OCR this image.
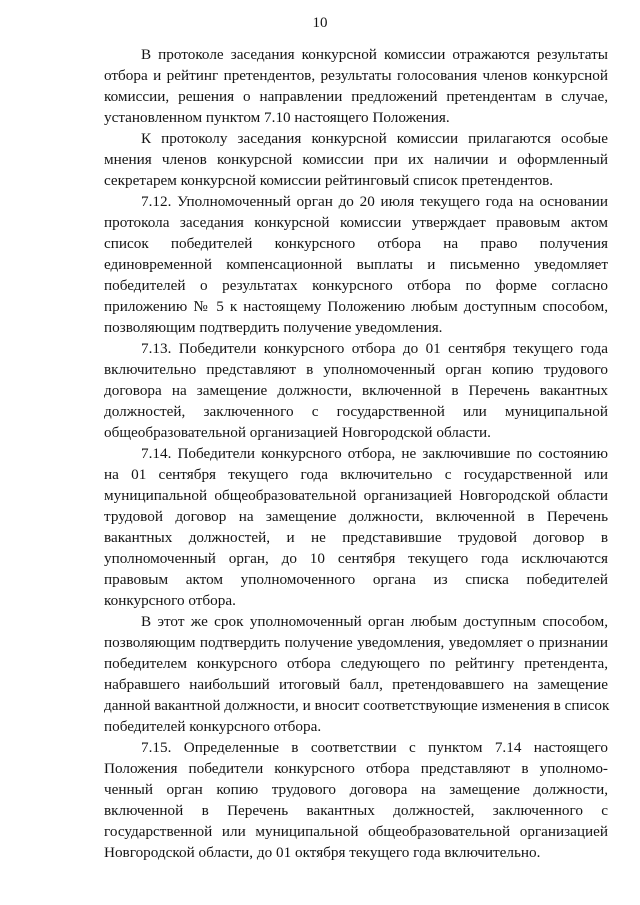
10
В протоколе заседания конкурсной комиссии отражаются результаты
отбора и рейтинг претендентов, результаты голосования членов конкурсной
комиссии, решения о направлении предложений претендентам в случае,
установленном пунктом 7.10 настоящего Положения.
К протоколу заседания конкурсной комиссии прилагаются особые
мнения членов конкурсной комиссии при их наличии и оформленный
секретарем конкурсной комиссии рейтинговый список претендентов.
7.12. Уполномоченный орган до 20 июля текущего года на основании
протокола заседания конкурсной комиссии утверждает правовым актом
список победителей конкурсного отбора на право получения
единовременной компенсационной выплаты и письменно уведомляет
победителей о результатах конкурсного отбора по форме согласно
приложению № 5 к настоящему Положению любым доступным способом,
позволяющим подтвердить получение уведомления.
7.13. Победители конкурсного отбора до 01 сентября текущего года
включительно представляют в уполномоченный орган копию трудового
договора на замещение должности, включенной в Перечень вакантных
должностей, заключенного с государственной или муниципальной
общеобразовательной организацией Новгородской области.
7.14. Победители конкурсного отбора, не заключившие по состоянию
на 01 сентября текущего года включительно с государственной или
муниципальной общеобразовательной организацией Новгородской области
трудовой договор на замещение должности, включенной в Перечень
вакантных должностей, и не представившие трудовой договор в
уполномоченный орган, до 10 сентября текущего года исключаются
правовым актом уполномоченного органа из списка победителей
конкурсного отбора.
В этот же срок уполномоченный орган любым доступным способом,
позволяющим подтвердить получение уведомления, уведомляет о признании
победителем конкурсного отбора следующего по рейтингу претендента,
набравшего наибольший итоговый балл, претендовавшего на замещение
данной вакантной должности, и вносит соответствующие изменения в список
победителей конкурсного отбора.
7.15. Определенные в соответствии с пунктом 7.14 настоящего
Положения победители конкурсного отбора представляют в уполномо-
ченный орган копию трудового договора на замещение должности,
включенной в Перечень вакантных должностей, заключенного с
государственной или муниципальной общеобразовательной организацией
Новгородской области, до 01 октября текущего года включительно.
